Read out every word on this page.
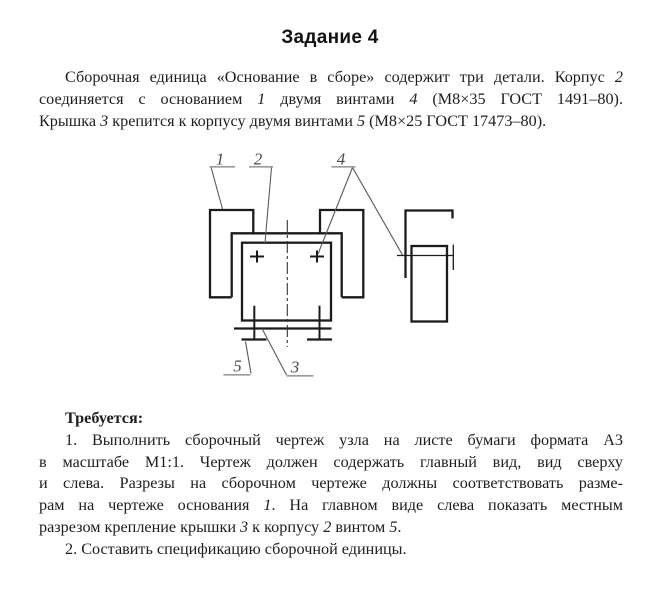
1 2	4
5	3
Задание 4
Сборочная единица «Основание в сборе» содержит три детали. Корпус 2
соединяется с основанием 1 двумя винтами 4 (М8×35 ГОСТ 1491–80).
Крышка 3 крепится к корпусу двумя винтами 5 (М8×25 ГОСТ 17473–80).
Требуется:
1. Выполнить сборочный чертеж узла на листе бумаги формата А3
в масштабе М1:1. Чертеж должен содержать главный вид, вид сверху
и слева. Разрезы на сборочном чертеже должны соответствовать разме-
рам на чертеже основания 1. На главном виде слева показать местным
разрезом крепление крышки 3 к корпусу 2 винтом 5.
2. Составить спецификацию сборочной единицы.
